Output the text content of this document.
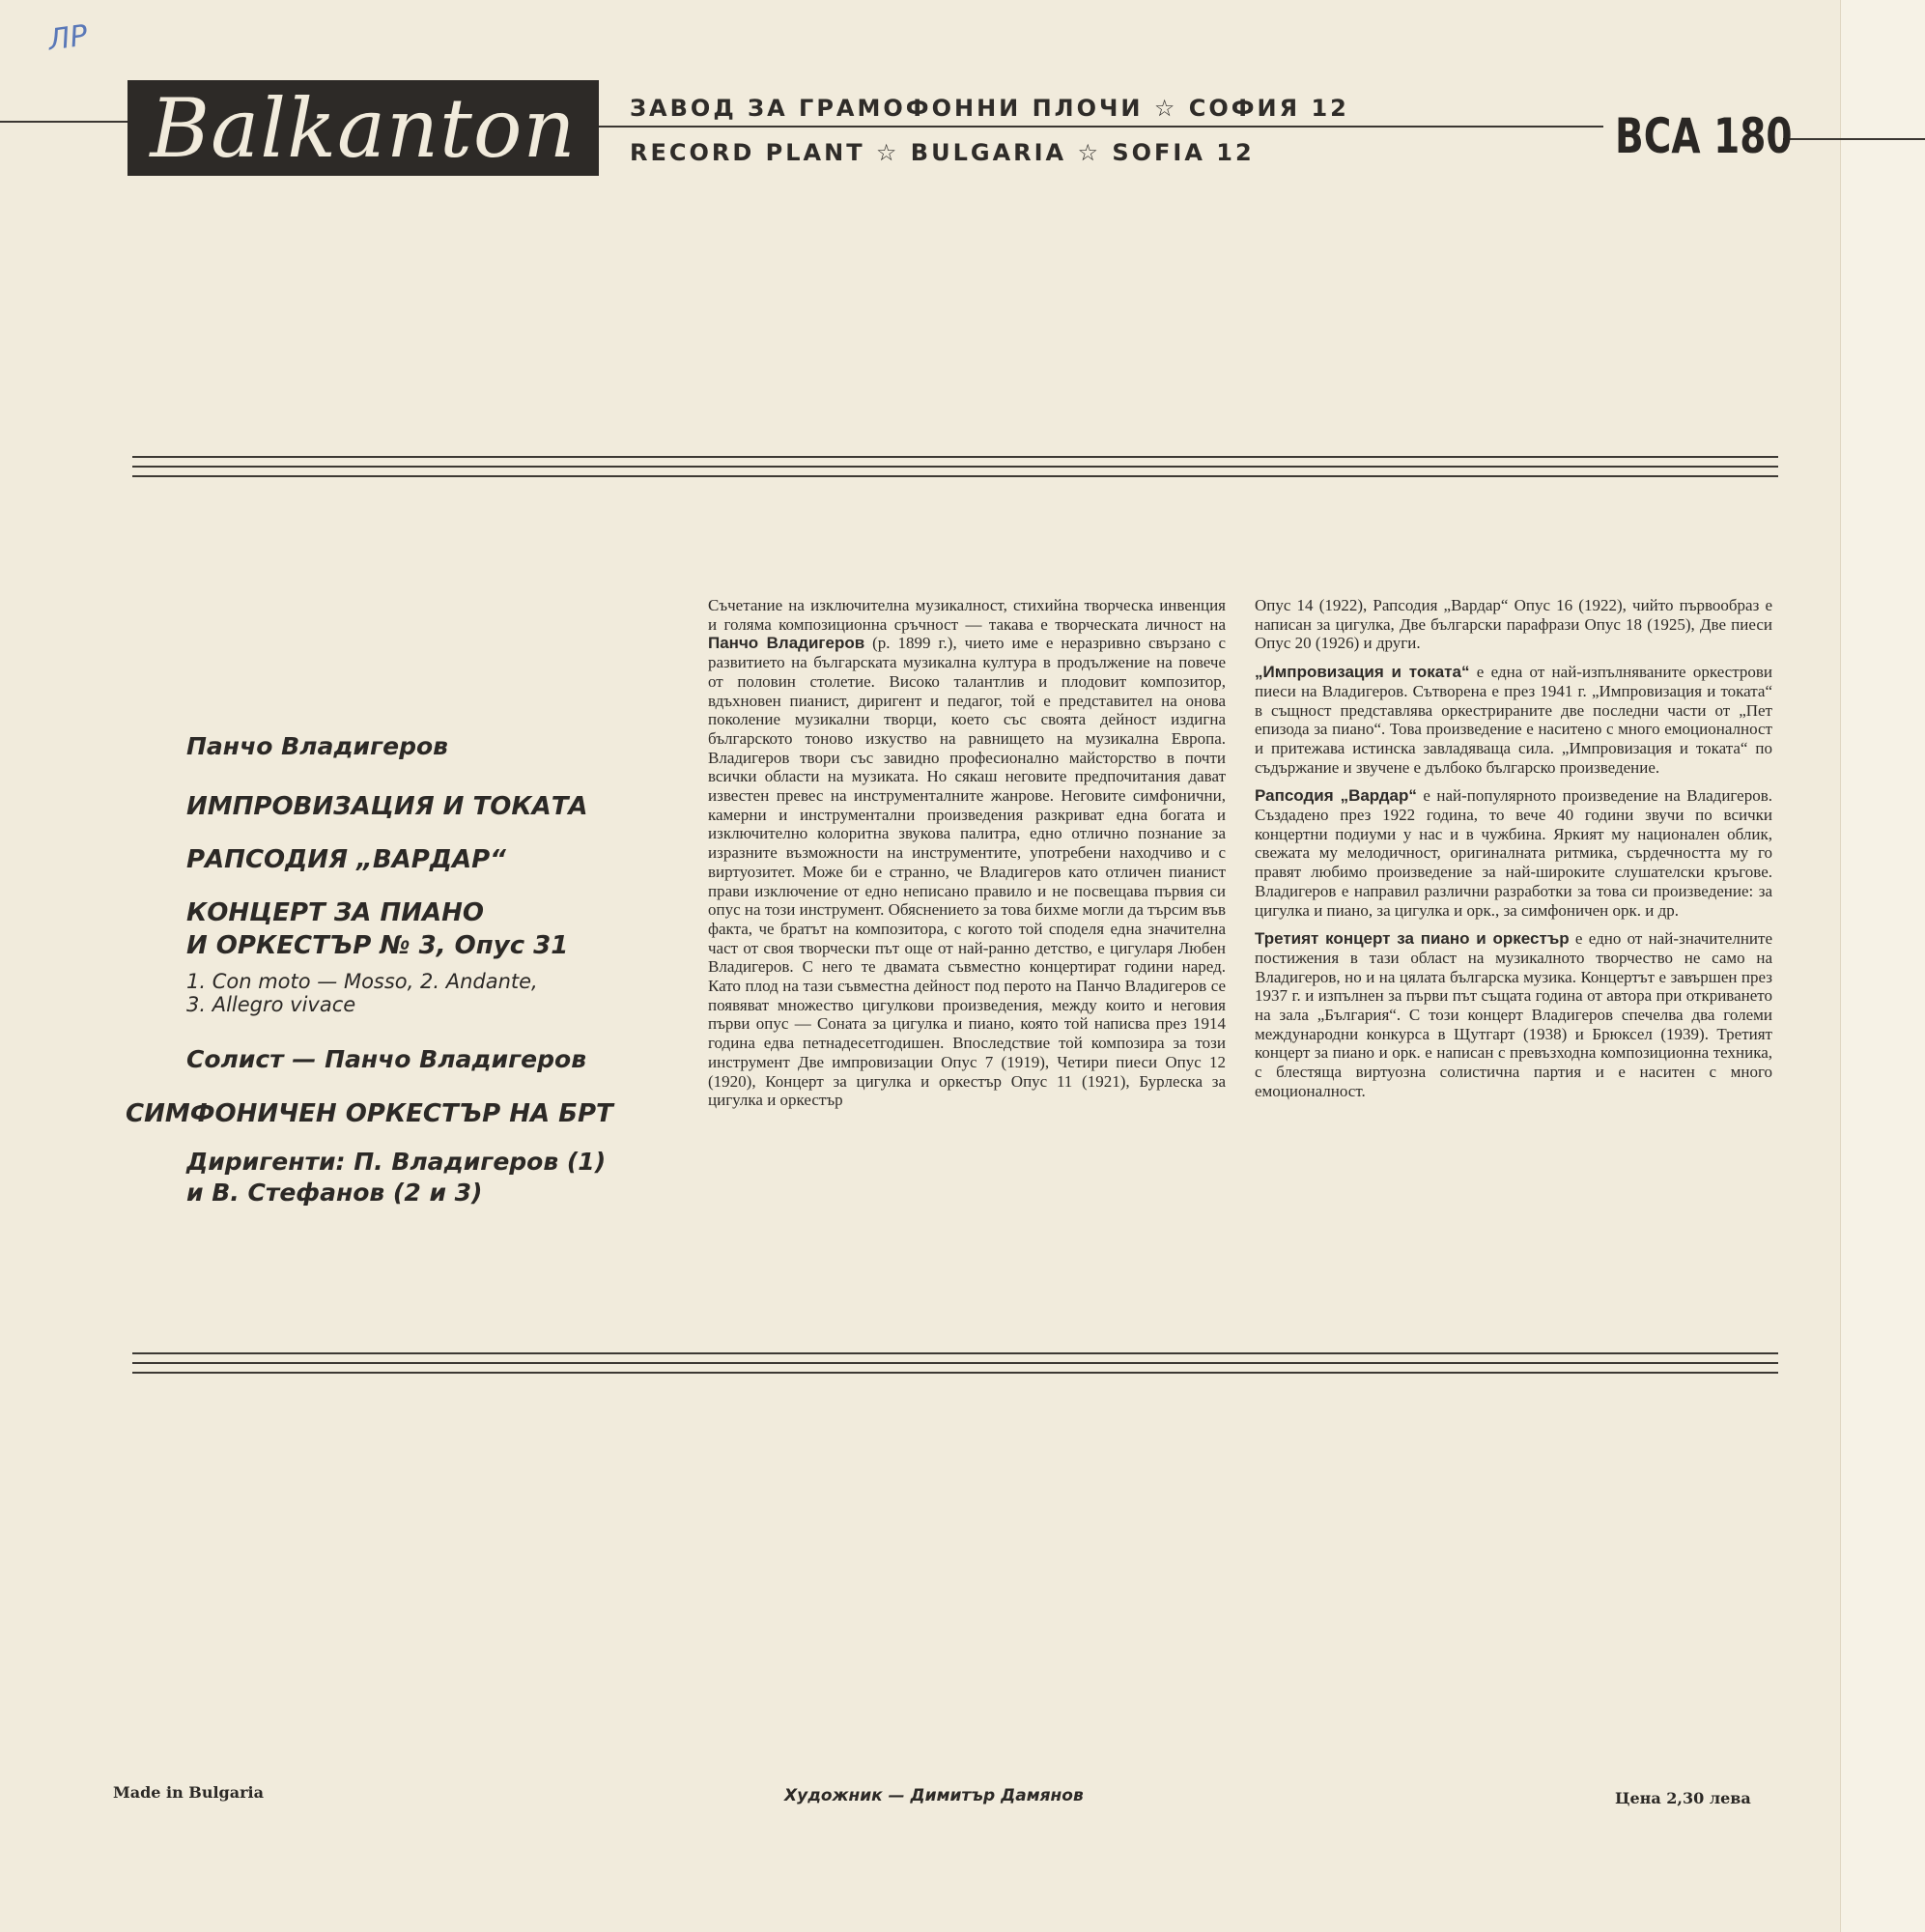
ЛР
Balkanton ЗАВОД ЗА ГРАМОФОННИ ПЛОЧИ ☆ СОФИЯ 12
RECORD PLANT ☆ BULGARIA ☆ SOFIA 12	ВСА 180
Панчо Владигеров
ИМПРОВИЗАЦИЯ И ТОКАТА
РАПСОДИЯ „ВАРДАР“
КОНЦЕРТ ЗА ПИАНО
И ОРКЕСТЪР № 3, Опус 31
1. Con moto — Mosso, 2. Andante,
3. Allegro vivace
Солист — Панчо Владигеров
СИМФОНИЧЕН ОРКЕСТЪР НА БРТ
Диригенти: П. Владигеров (1)
и В. Стефанов (2 и 3)

Съчетание на изключителна музикалност, стихийна творческа инвенция и голяма композиционна сръчност — такава е творческата личност на Панчо Владигеров (р. 1899 г.), чието име е неразривно свързано с развитието на българската музикална култура в продължение на повече от половин столетие. Високо талантлив и плодовит композитор, вдъхновен пианист, диригент и педагог, той е представител на онова поколение музикални творци, което със своята дейност издигна българското тоново изкуство на равнището на музикална Европа. Владигеров твори със завидно професионално майсторство в почти всички области на музиката. Но сякаш неговите предпочитания дават известен превес на инструменталните жанрове. Неговите симфонични, камерни и инструментални произведения разкриват една богата и изключително колоритна звукова палитра, едно отлично познание за изразните възможности на инструментите, употребени находчиво и с виртуозитет. Може би е странно, че Владигеров като отличен пианист прави изключение от едно неписано правило и не посвещава първия си опус на този инструмент. Обяснението за това бихме могли да търсим във факта, че братът на композитора, с когото той споделя една значителна част от своя творчески път още от най-ранно детство, е цигуларя Любен Владигеров. С него те двамата съвместно концертират години наред. Като плод на тази съвместна дейност под перото на Панчо Владигеров се появяват множество цигулкови произведения, между които и неговия първи опус — Соната за цигулка и пиано, която той написва през 1914 година едва петнадесетгодишен. Впоследствие той композира за този инструмент Две импровизации Опус 7 (1919), Четири пиеси Опус 12 (1920), Концерт за цигулка и оркестър Опус 11 (1921), Бурлеска за цигулка и оркестър

Опус 14 (1922), Рапсодия „Вардар“ Опус 16 (1922), чийто първообраз е написан за цигулка, Две български парафрази Опус 18 (1925), Две пиеси Опус 20 (1926) и други.

„Импровизация и токата“ е една от най-изпълняваните оркестрови пиеси на Владигеров. Сътворена е през 1941 г. „Импровизация и токата“ в същност представлява оркестрираните две последни части от „Пет епизода за пиано“. Това произведение е наситено с много емоционалност и притежава истинска завладяваща сила. „Импровизация и токата“ по съдържание и звучене е дълбоко българско произведение.

Рапсодия „Вардар“ е най-популярното произведение на Владигеров. Създадено през 1922 година, то вече 40 години звучи по всички концертни подиуми у нас и в чужбина. Яркият му национален облик, свежата му мелодичност, оригиналната ритмика, сърдечността му го правят любимо произведение за най-широките слушателски кръгове. Владигеров е направил различни разработки за това си произведение: за цигулка и пиано, за цигулка и орк., за симфоничен орк. и др.

Третият концерт за пиано и оркестър е едно от най-значителните постижения в тази област на музикалното творчество не само на Владигеров, но и на цялата българска музика. Концертът е завършен през 1937 г. и изпълнен за първи път същата година от автора при откриването на зала „България“. С този концерт Владигеров спечелва два големи международни конкурса в Щутгарт (1938) и Брюксел (1939). Третият концерт за пиано и орк. е написан с превъзходна композиционна техника, с блестяща виртуозна солистична партия и е наситен с много емоционалност.

Made in Bulgaria	Художник — Димитър Дамянов	Цена 2,30 лева
